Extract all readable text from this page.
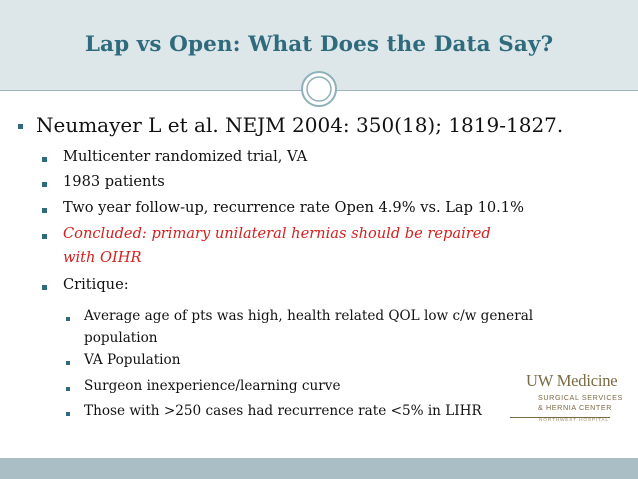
Lap vs Open: What Does the Data Say?
Neumayer L et al. NEJM 2004: 350(18); 1819-1827.
Multicenter randomized trial, VA
1983 patients
Two year follow-up, recurrence rate Open 4.9% vs. Lap 10.1%
Concluded: primary unilateral hernias should be repaired
with OIHR
Critique:
Average age of pts was high, health related QOL low c/w general
population
VA Population
Surgeon inexperience/learning curve
Those with >250 cases had recurrence rate <5% in LIHR
UW Medicine
SURGICAL SERVICES
& HERNIA CENTER
NORTHWEST HOSPITAL
